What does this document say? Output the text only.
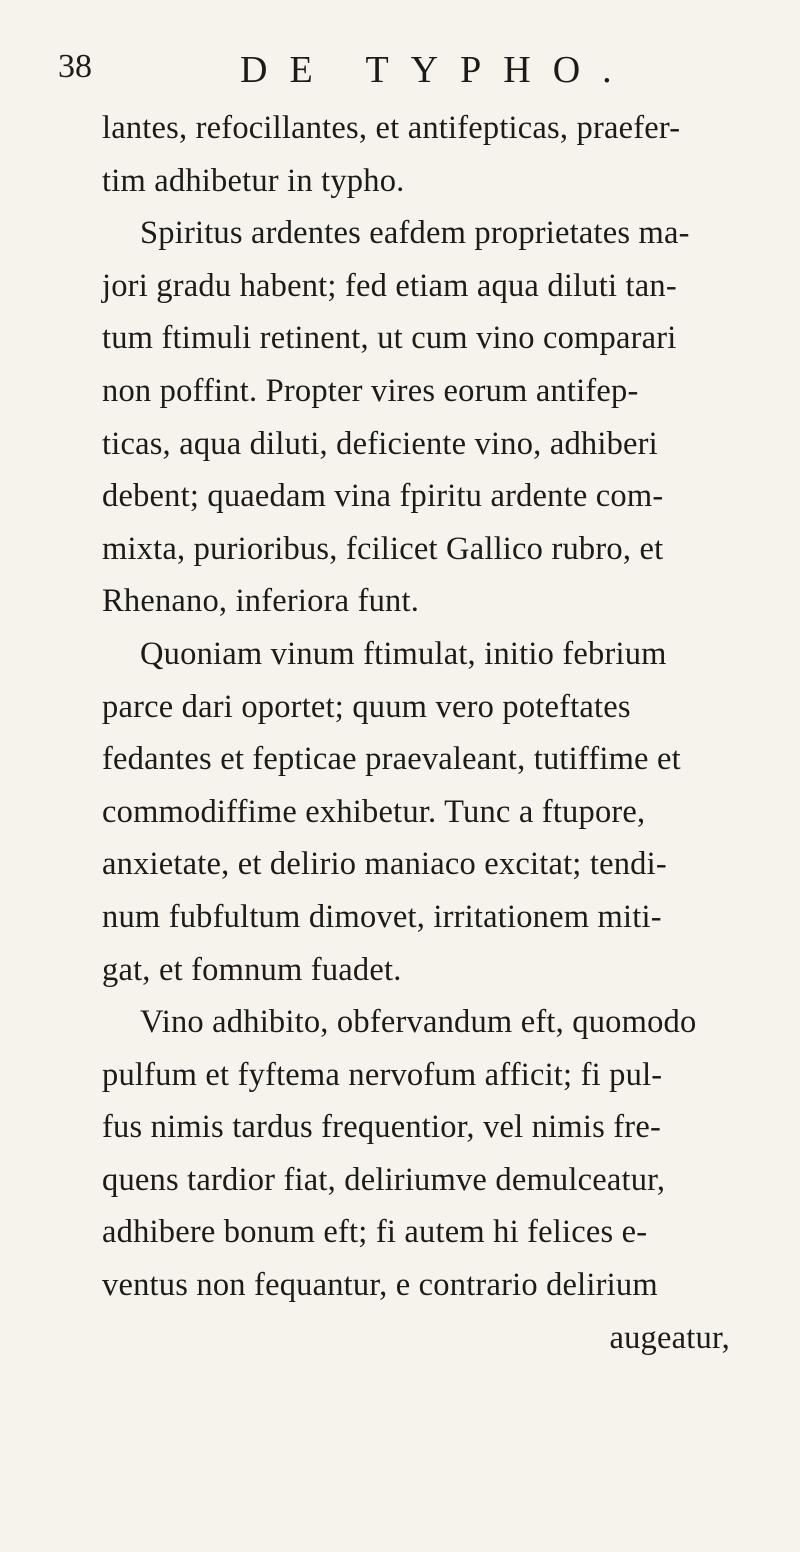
38	DE TYPHO.
lantes, refocillantes, et antifepticas, praefer-
tim adhibetur in typho.
Spiritus ardentes eafdem proprietates ma-
jori gradu habent; fed etiam aqua diluti tan-
tum ftimuli retinent, ut cum vino comparari
non poffint. Propter vires eorum antifep-
ticas, aqua diluti, deficiente vino, adhiberi
debent; quaedam vina fpiritu ardente com-
mixta, purioribus, fcilicet Gallico rubro, et
Rhenano, inferiora funt.
Quoniam vinum ftimulat, initio febrium
parce dari oportet; quum vero poteftates
fedantes et fepticae praevaleant, tutiffime et
commodiffime exhibetur. Tunc a ftupore,
anxietate, et delirio maniaco excitat; tendi-
num fubfultum dimovet, irritationem miti-
gat, et fomnum fuadet.
Vino adhibito, obfervandum eft, quomodo
pulfum et fyftema nervofum afficit; fi pul-
fus nimis tardus frequentior, vel nimis fre-
quens tardior fiat, deliriumve demulceatur,
adhibere bonum eft; fi autem hi felices e-
ventus non fequantur, e contrario delirium
augeatur,
